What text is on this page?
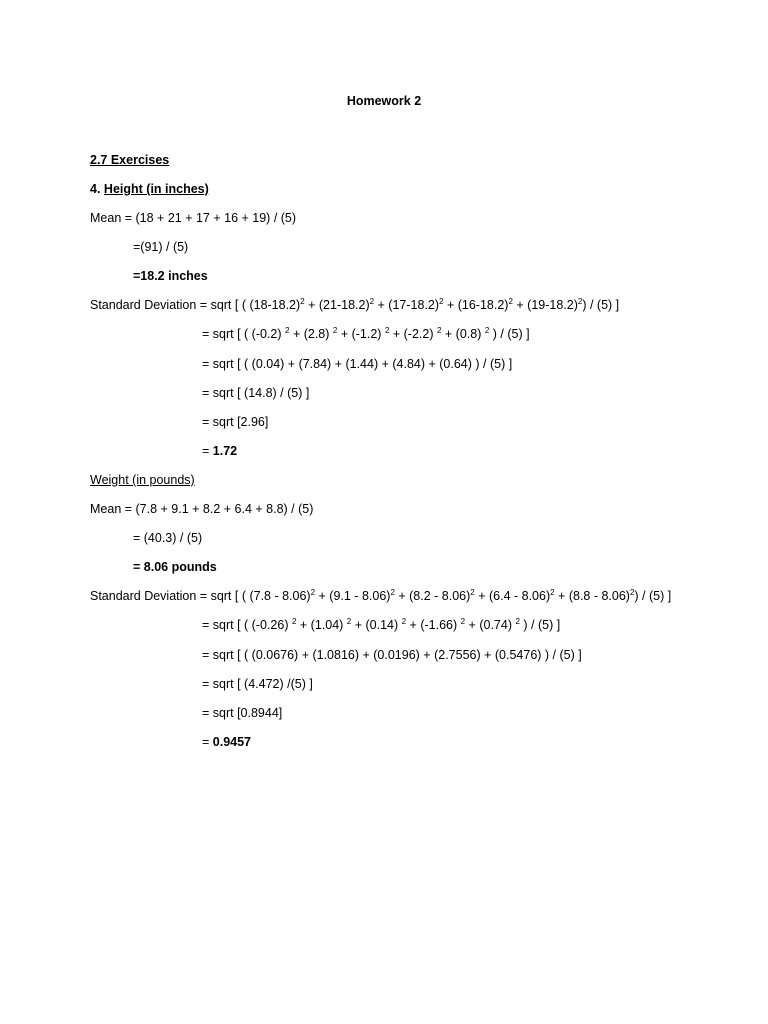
Homework 2
2.7 Exercises
4. Height (in inches)
Mean = (18 + 21 + 17 + 16 + 19) / (5)
=(91) / (5)
=18.2 inches
Standard Deviation = sqrt [ ( $(18-18.2)^2 + (21-18.2)^2 + (17-18.2)^2 + (16-18.2)^2 + (19-18.2)^2) / (5)$ ]
= sqrt [ ( (-0.2) $^2$ + (2.8) $^2$ + (-1.2) $^2$ + (-2.2) $^2$ + (0.8) $^2$ ) / (5) ]
= sqrt [ ( (0.04) + (7.84) + (1.44) + (4.84) + (0.64) ) / (5) ]
= sqrt [ (14.8) / (5) ]
= sqrt [2.96]
= 1.72
Weight (in pounds)
Mean = (7.8 + 9.1 + 8.2 + 6.4 + 8.8) / (5)
= (40.3) / (5)
= 8.06 pounds
Standard Deviation = sqrt [ ( (7.8 - 8.06)$^2$ + (9.1 - 8.06)$^2$ + (8.2 - 8.06)$^2$ + (6.4 - 8.06)$^2$ + (8.8 - 8.06)$^2$) / (5) ]
= sqrt [ ( (-0.26) $^2$ + (1.04) $^2$ + (0.14) $^2$ + (-1.66) $^2$ + (0.74) $^2$ ) / (5) ]
= sqrt [ ( (0.0676) + (1.0816) + (0.0196) + (2.7556) + (0.5476) ) / (5) ]
= sqrt [ (4.472) /(5) ]
= sqrt [0.8944]
= 0.9457
